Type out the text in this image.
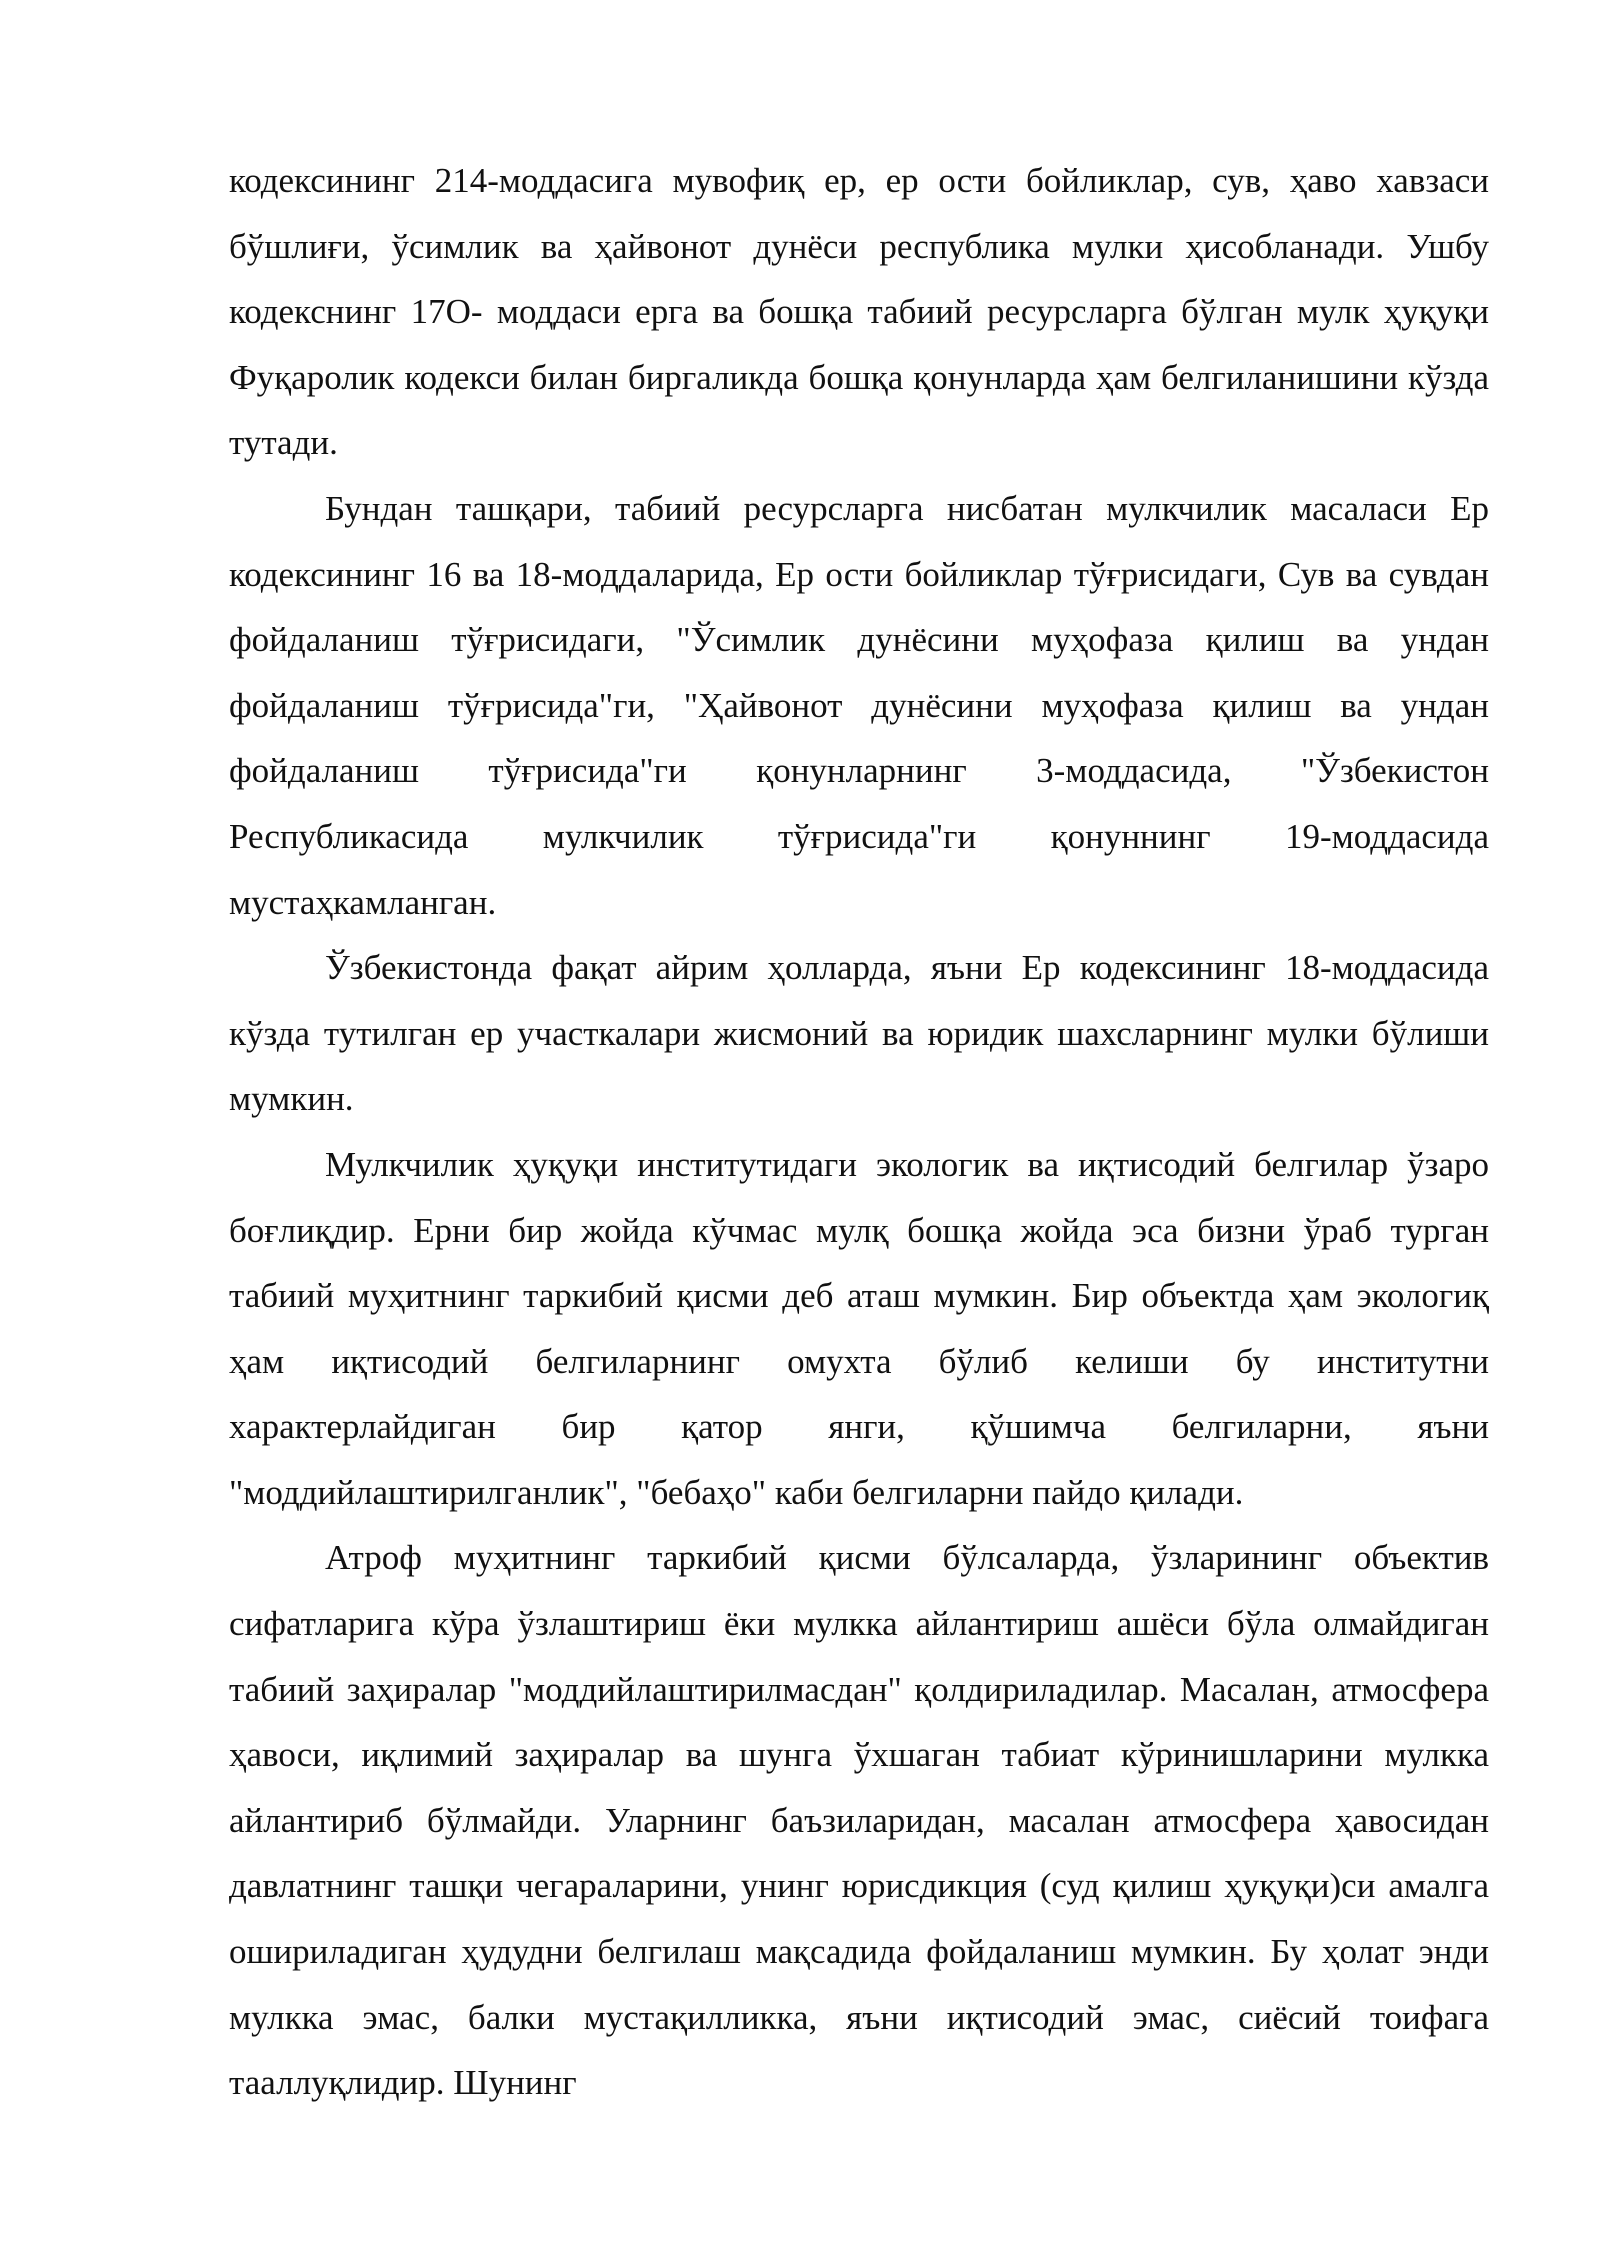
кодексининг 214-моддасига мувофиқ ер, ер ости бойликлар, сув, ҳаво хавзаси бўшлиғи, ўсимлик ва ҳайвонот дунёси республика мулки ҳисобланади. Ушбу кодекснинг 17О- моддаси ерга ва бошқа табиий ресурсларга бўлган мулк ҳуқуқи Фуқаролик кодекси билан биргаликда бошқа қонунларда ҳам белгиланишини кўзда тутади.

Бундан ташқари, табиий ресурсларга нисбатан мулкчилик масаласи Ер кодексининг 16 ва 18-моддаларида, Ер ости бойликлар тўғрисидаги, Сув ва сувдан фойдаланиш тўғрисидаги, "Ўсимлик дунёсини муҳофаза қилиш ва ундан фойдаланиш тўғрисида"ги, "Ҳайвонот дунёсини муҳофаза қилиш ва ундан фойдаланиш тўғрисида"ги қонунларнинг 3-моддасида, "Ўзбекистон Республикасида мулкчилик тўғрисида"ги қонуннинг 19-моддасида мустаҳкамланган.

Ўзбекистонда фақат айрим ҳолларда, яъни Ер кодексининг 18-моддасида кўзда тутилган ер участкалари жисмоний ва юридик шахсларнинг мулки бўлиши мумкин.

Мулкчилик ҳуқуқи институтидаги экологик ва иқтисодий белгилар ўзаро боғлиқдир. Ерни бир жойда кўчмас мулқ бошқа жойда эса бизни ўраб турган табиий муҳитнинг таркибий қисми деб аташ мумкин. Бир объектда ҳам экологиқ ҳам иқтисодий белгиларнинг омухта бўлиб келиши бу институтни характерлайдиган бир қатор янги, қўшимча белгиларни, яъни "моддийлаштирилганлик", "бебаҳо" каби белгиларни пайдо қилади.

Атроф муҳитнинг таркибий қисми бўлсаларда, ўзларининг объектив сифатларига кўра ўзлаштириш ёки мулкка айлантириш ашёси бўла олмайдиган табиий заҳиралар "моддийлаштирилмасдан" қолдириладилар. Масалан, атмосфера ҳавоси, иқлимий заҳиралар ва шунга ўхшаган табиат кўринишларини мулкка айлантириб бўлмайди. Уларнинг баъзиларидан, масалан атмосфера ҳавосидан давлатнинг ташқи чегараларини, унинг юрисдикция (суд қилиш ҳуқуқи)си амалга ошириладиган ҳудудни белгилаш мақсадида фойдаланиш мумкин. Бу ҳолат энди мулкка эмас, балки мустақилликка, яъни иқтисодий эмас, сиёсий тоифага тааллуқлидир. Шунинг
